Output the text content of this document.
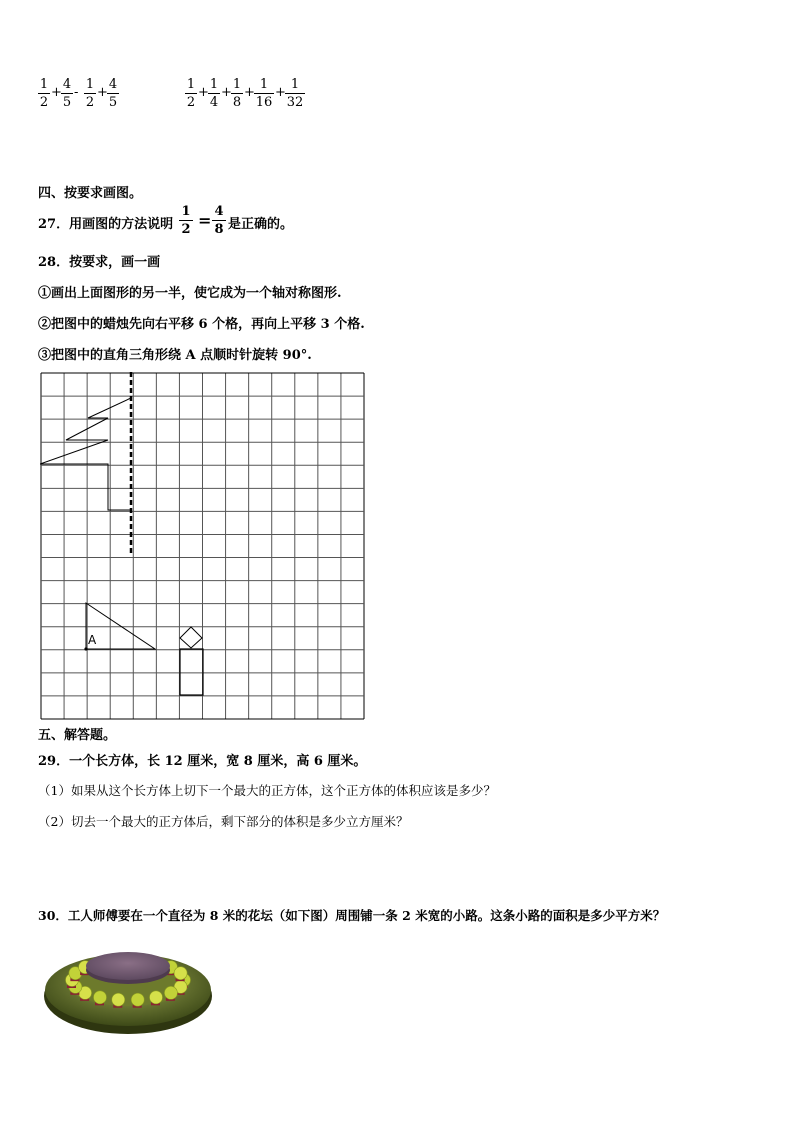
$\frac{1}{2} + \frac{4}{5} - \frac{1}{2} + \frac{4}{5}$	$\frac{1}{2} + \frac{1}{4} + \frac{1}{8} + \frac{1}{16} + \frac{1}{32}$
四、按要求画图。
27．用画图的方法说明 $\frac{1}{2} = \frac{4}{8}$ 是正确的。
28．按要求，画一画
①画出上面图形的另一半，使它成为一个轴对称图形.
②把图中的蜡烛先向右平移 6 个格，再向上平移 3 个格.
③把图中的直角三角形绕 A 点顺时针旋转 90°.
A
五、解答题。
29．一个长方体，长 12 厘米，宽 8 厘米，高 6 厘米。
（1）如果从这个长方体上切下一个最大的正方体，这个正方体的体积应该是多少？
（2）切去一个最大的正方体后，剩下部分的体积是多少立方厘米？
30．工人师傅要在一个直径为 8 米的花坛（如下图）周围铺一条 2 米宽的小路。这条小路的面积是多少平方米？
